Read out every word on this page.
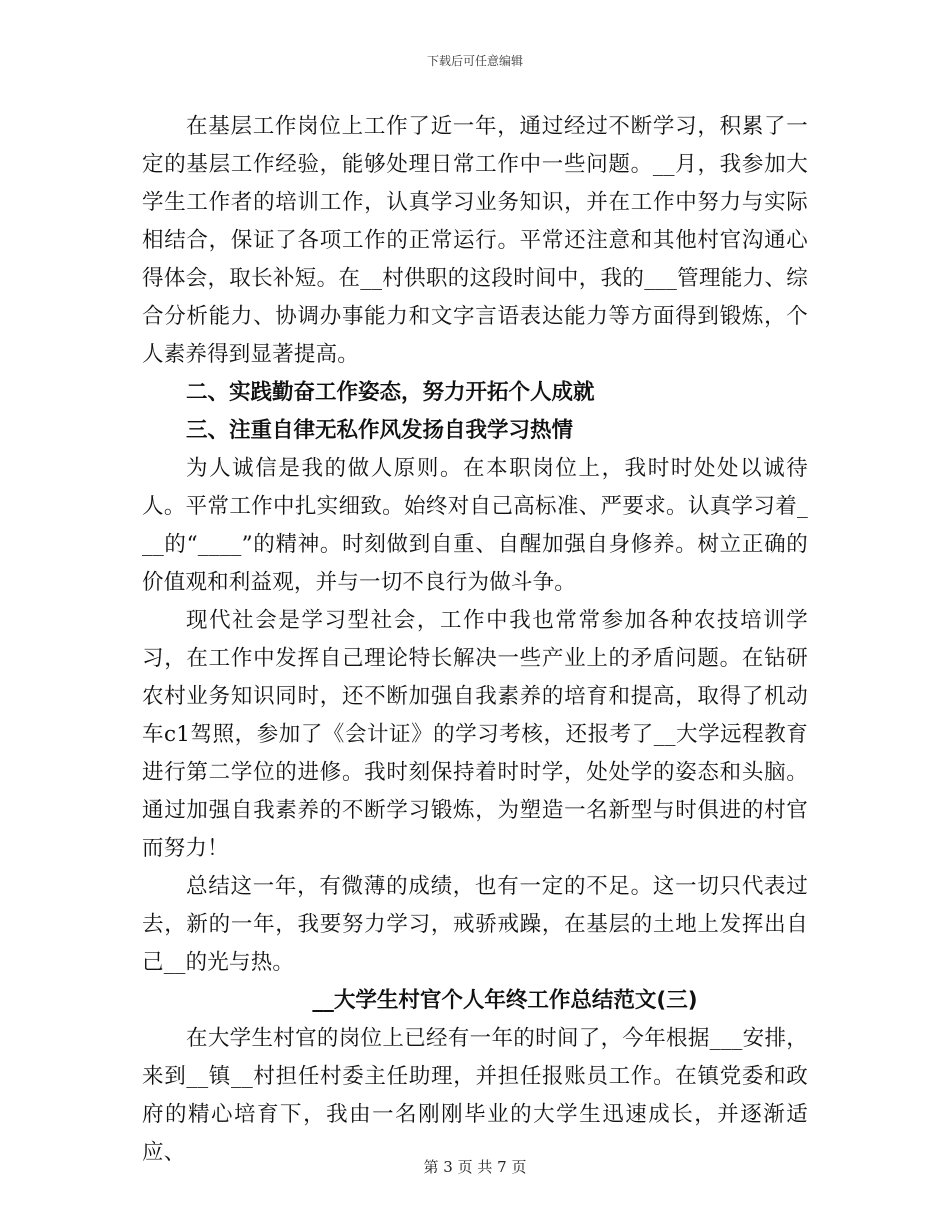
下载后可任意编辑

在基层工作岗位上工作了近一年，通过经过不断学习，积累了一定的基层工作经验，能够处理日常工作中一些问题。__月，我参加大学生工作者的培训工作，认真学习业务知识，并在工作中努力与实际相结合，保证了各项工作的正常运行。平常还注意和其他村官沟通心得体会，取长补短。在__村供职的这段时间中，我的___管理能力、综合分析能力、协调办事能力和文字言语表达能力等方面得到锻炼，个人素养得到显著提高。

二、实践勤奋工作姿态，努力开拓个人成就

三、注重自律无私作风发扬自我学习热情

为人诚信是我的做人原则。在本职岗位上，我时时处处以诚待人。平常工作中扎实细致。始终对自己高标准、严要求。认真学习着___的“____”的精神。时刻做到自重、自醒加强自身修养。树立正确的价值观和利益观，并与一切不良行为做斗争。

现代社会是学习型社会，工作中我也常常参加各种农技培训学习，在工作中发挥自己理论特长解决一些产业上的矛盾问题。在钻研农村业务知识同时，还不断加强自我素养的培育和提高，取得了机动车c1驾照，参加了《会计证》的学习考核，还报考了__大学远程教育进行第二学位的进修。我时刻保持着时时学，处处学的姿态和头脑。通过加强自我素养的不断学习锻炼，为塑造一名新型与时俱进的村官而努力！

总结这一年，有微薄的成绩，也有一定的不足。这一切只代表过去，新的一年，我要努力学习，戒骄戒躁，在基层的土地上发挥出自己__的光与热。

__大学生村官个人年终工作总结范文(三)

在大学生村官的岗位上已经有一年的时间了，今年根据___安排，来到__镇__村担任村委主任助理，并担任报账员工作。在镇党委和政府的精心培育下，我由一名刚刚毕业的大学生迅速成长，并逐渐适应、

第 3 页 共 7 页
